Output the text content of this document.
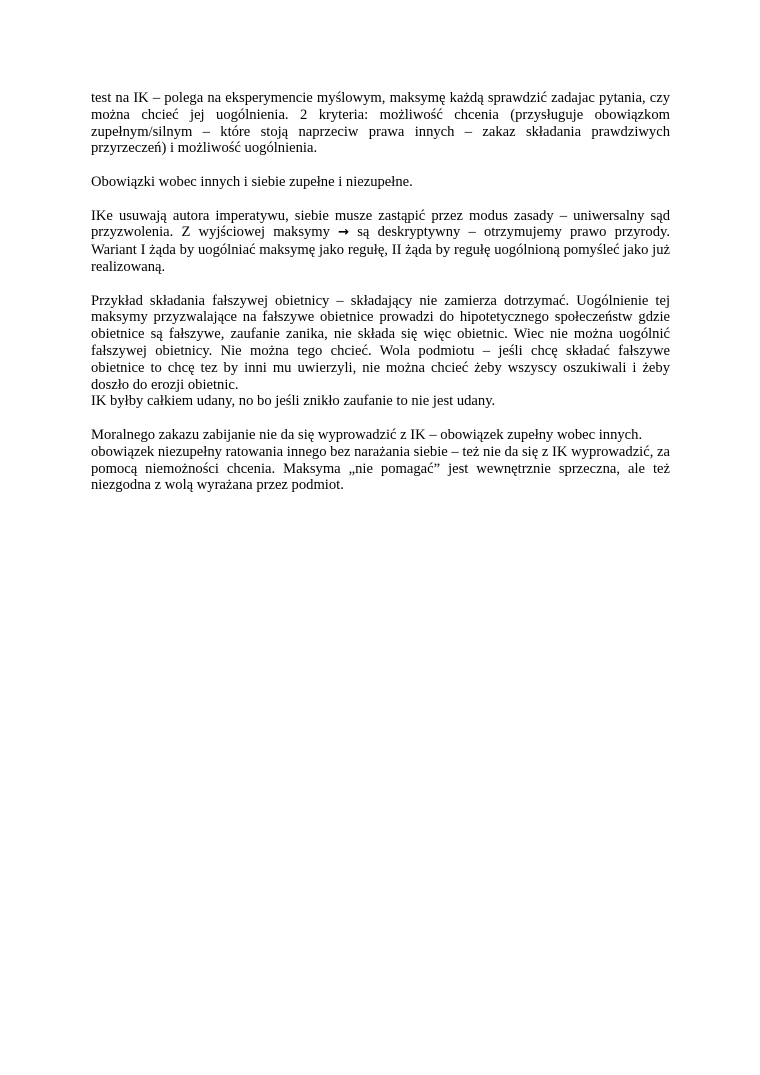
test na IK – polega na eksperymencie myślowym, maksymę każdą sprawdzić zadajac pytania, czy można chcieć jej uogólnienia. 2 kryteria: możliwość chcenia (przysługuje obowiązkom zupełnym/silnym – które stoją naprzeciw prawa innych – zakaz składania prawdziwych przyrzeczeń) i możliwość uogólnienia.

Obowiązki wobec innych i siebie zupełne i niezupełne.

IKe usuwają autora imperatywu, siebie musze zastąpić przez modus zasady – uniwersalny sąd przyzwolenia. Z wyjściowej maksymy → są deskryptywny – otrzymujemy prawo przyrody. Wariant I żąda by uogólniać maksymę jako regułę, II żąda by regułę uogólnioną pomyśleć jako już realizowaną.

Przykład składania fałszywej obietnicy – składający nie zamierza dotrzymać. Uogólnienie tej maksymy przyzwalające na fałszywe obietnice prowadzi do hipotetycznego społeczeństw gdzie obietnice są fałszywe, zaufanie zanika, nie składa się więc obietnic. Wiec nie można uogólnić fałszywej obietnicy. Nie można tego chcieć. Wola podmiotu – jeśli chcę składać fałszywe obietnice to chcę tez by inni mu uwierzyli, nie można chcieć żeby wszyscy oszukiwali i żeby doszło do erozji obietnic.
IK byłby całkiem udany, no bo jeśli znikło zaufanie to nie jest udany.

Moralnego zakazu zabijanie nie da się wyprowadzić z IK – obowiązek zupełny wobec innych.
obowiązek niezupełny ratowania innego bez narażania siebie – też nie da się z IK wyprowadzić, za pomocą niemożności chcenia. Maksyma „nie pomagać” jest wewnętrznie sprzeczna, ale też niezgodna z wolą wyrażana przez podmiot.
